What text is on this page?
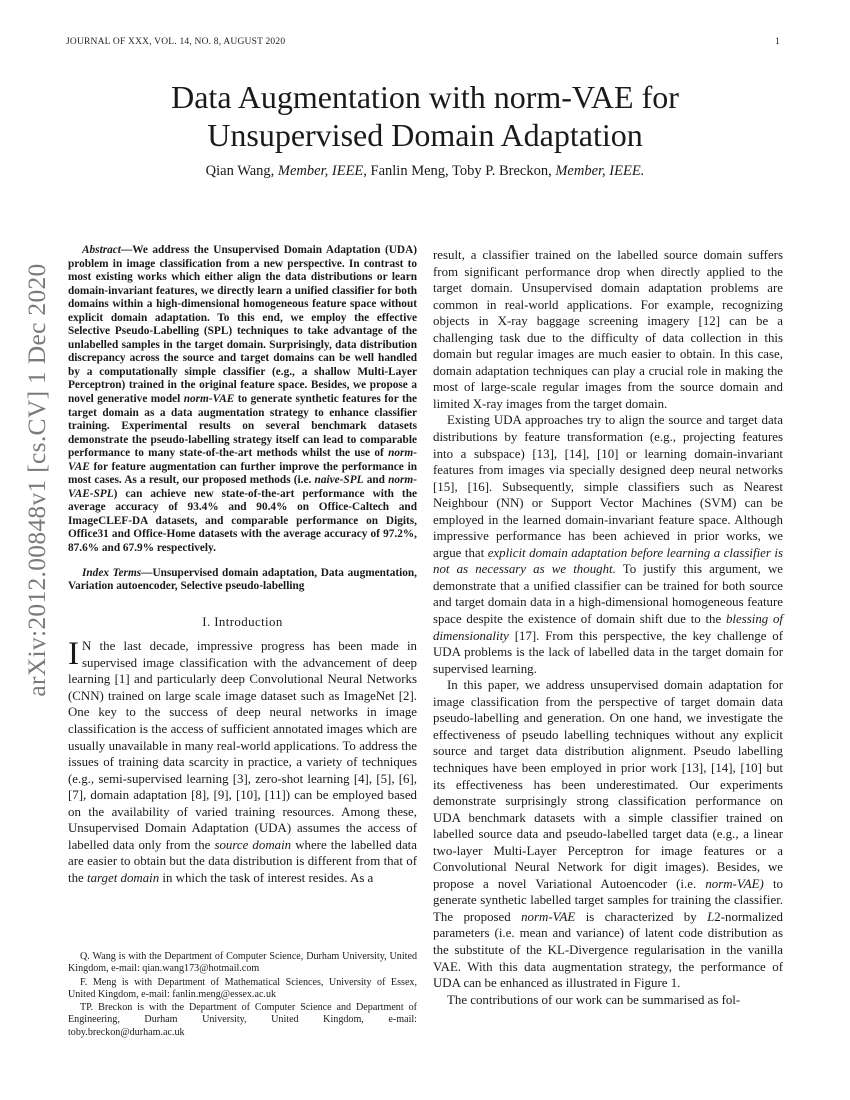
JOURNAL OF XXX, VOL. 14, NO. 8, AUGUST 2020	1
arXiv:2012.00848v1 [cs.CV] 1 Dec 2020
Data Augmentation with norm-VAE for
Unsupervised Domain Adaptation
Qian Wang, Member, IEEE, Fanlin Meng, Toby P. Breckon, Member, IEEE.

Abstract—We address the Unsupervised Domain Adaptation (UDA) problem in image classification from a new perspective. In contrast to most existing works which either align the data distributions or learn domain-invariant features, we directly learn a unified classifier for both domains within a high-dimensional homogeneous feature space without explicit domain adaptation. To this end, we employ the effective Selective Pseudo-Labelling (SPL) techniques to take advantage of the unlabelled samples in the target domain. Surprisingly, data distribution discrepancy across the source and target domains can be well handled by a computationally simple classifier (e.g., a shallow Multi-Layer Perceptron) trained in the original feature space. Besides, we propose a novel generative model norm-VAE to generate synthetic features for the target domain as a data augmentation strategy to enhance classifier training. Experimental results on several benchmark datasets demonstrate the pseudo-labelling strategy itself can lead to comparable performance to many state-of-the-art methods whilst the use of norm-VAE for feature augmentation can further improve the performance in most cases. As a result, our proposed methods (i.e. naive-SPL and norm-VAE-SPL) can achieve new state-of-the-art performance with the average accuracy of 93.4% and 90.4% on Office-Caltech and ImageCLEF-DA datasets, and comparable performance on Digits, Office31 and Office-Home datasets with the average accuracy of 97.2%, 87.6% and 67.9% respectively.

Index Terms—Unsupervised domain adaptation, Data augmentation, Variation autoencoder, Selective pseudo-labelling

I. Introduction

I N the last decade, impressive progress has been made in supervised image classification with the advancement of deep learning [1] and particularly deep Convolutional Neural Networks (CNN) trained on large scale image dataset such as ImageNet [2]. One key to the success of deep neural networks in image classification is the access of sufficient annotated images which are usually unavailable in many real-world applications. To address the issues of training data scarcity in practice, a variety of techniques (e.g., semi-supervised learning [3], zero-shot learning [4], [5], [6], [7], domain adaptation [8], [9], [10], [11]) can be employed based on the availability of varied training resources. Among these, Unsupervised Domain Adaptation (UDA) assumes the access of labelled data only from the source domain where the labelled data are easier to obtain but the data distribution is different from that of the target domain in which the task of interest resides. As a

Q. Wang is with the Department of Computer Science, Durham University, United Kingdom, e-mail: qian.wang173@hotmail.com

F. Meng is with Department of Mathematical Sciences, University of Essex, United Kingdom, e-mail: fanlin.meng@essex.ac.uk

TP. Breckon is with the Department of Computer Science and Department of Engineering, Durham University, United Kingdom, e-mail: toby.breckon@durham.ac.uk

result, a classifier trained on the labelled source domain suffers from significant performance drop when directly applied to the target domain. Unsupervised domain adaptation problems are common in real-world applications. For example, recognizing objects in X-ray baggage screening imagery [12] can be a challenging task due to the difficulty of data collection in this domain but regular images are much easier to obtain. In this case, domain adaptation techniques can play a crucial role in making the most of large-scale regular images from the source domain and limited X-ray images from the target domain.

Existing UDA approaches try to align the source and target data distributions by feature transformation (e.g., projecting features into a subspace) [13], [14], [10] or learning domain-invariant features from images via specially designed deep neural networks [15], [16]. Subsequently, simple classifiers such as Nearest Neighbour (NN) or Support Vector Machines (SVM) can be employed in the learned domain-invariant feature space. Although impressive performance has been achieved in prior works, we argue that explicit domain adaptation before learning a classifier is not as necessary as we thought. To justify this argument, we demonstrate that a unified classifier can be trained for both source and target domain data in a high-dimensional homogeneous feature space despite the existence of domain shift due to the blessing of dimensionality [17]. From this perspective, the key challenge of UDA problems is the lack of labelled data in the target domain for supervised learning.

In this paper, we address unsupervised domain adaptation for image classification from the perspective of target domain data pseudo-labelling and generation. On one hand, we investigate the effectiveness of pseudo labelling techniques without any explicit source and target data distribution alignment. Pseudo labelling techniques have been employed in prior work [13], [14], [10] but its effectiveness has been underestimated. Our experiments demonstrate surprisingly strong classification performance on UDA benchmark datasets with a simple classifier trained on labelled source data and pseudo-labelled target data (e.g., a linear two-layer Multi-Layer Perceptron for image features or a Convolutional Neural Network for digit images). Besides, we propose a novel Variational Autoencoder (i.e. norm-VAE) to generate synthetic labelled target samples for training the classifier. The proposed norm-VAE is characterized by L2-normalized parameters (i.e. mean and variance) of latent code distribution as the substitute of the KL-Divergence regularisation in the vanilla VAE. With this data augmentation strategy, the performance of UDA can be enhanced as illustrated in Figure 1.

The contributions of our work can be summarised as fol-
